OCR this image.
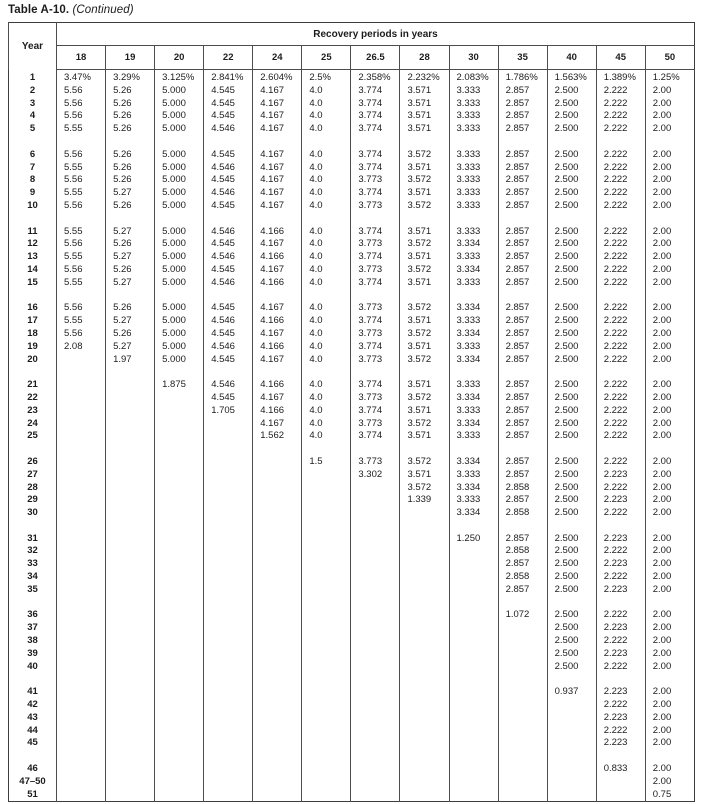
Table A-10. (Continued)
Year	Recovery periods in years												
	18	19	20	22	24	25	26.5	28	30	35	40	45	50
1	3.47%	3.29%	3.125%	2.841%	2.604%	2.5%	2.358%	2.232%	2.083%	1.786%	1.563%	1.389%	1.25%
2	5.56	5.26	5.000	4.545	4.167	4.0	3.774	3.571	3.333	2.857	2.500	2.222	2.00
3	5.56	5.26	5.000	4.545	4.167	4.0	3.774	3.571	3.333	2.857	2.500	2.222	2.00
4	5.56	5.26	5.000	4.545	4.167	4.0	3.774	3.571	3.333	2.857	2.500	2.222	2.00
5	5.55	5.26	5.000	4.546	4.167	4.0	3.774	3.571	3.333	2.857	2.500	2.222	2.00

6	5.56	5.26	5.000	4.545	4.167	4.0	3.774	3.572	3.333	2.857	2.500	2.222	2.00
7	5.55	5.26	5.000	4.546	4.167	4.0	3.774	3.571	3.333	2.857	2.500	2.222	2.00
8	5.56	5.26	5.000	4.545	4.167	4.0	3.773	3.572	3.333	2.857	2.500	2.222	2.00
9	5.55	5.27	5.000	4.546	4.167	4.0	3.774	3.571	3.333	2.857	2.500	2.222	2.00
10	5.56	5.26	5.000	4.545	4.167	4.0	3.773	3.572	3.333	2.857	2.500	2.222	2.00

11	5.55	5.27	5.000	4.546	4.166	4.0	3.774	3.571	3.333	2.857	2.500	2.222	2.00
12	5.56	5.26	5.000	4.545	4.167	4.0	3.773	3.572	3.334	2.857	2.500	2.222	2.00
13	5.55	5.27	5.000	4.546	4.166	4.0	3.774	3.571	3.333	2.857	2.500	2.222	2.00
14	5.56	5.26	5.000	4.545	4.167	4.0	3.773	3.572	3.334	2.857	2.500	2.222	2.00
15	5.55	5.27	5.000	4.546	4.166	4.0	3.774	3.571	3.333	2.857	2.500	2.222	2.00

16	5.56	5.26	5.000	4.545	4.167	4.0	3.773	3.572	3.334	2.857	2.500	2.222	2.00
17	5.55	5.27	5.000	4.546	4.166	4.0	3.774	3.571	3.333	2.857	2.500	2.222	2.00
18	5.56	5.26	5.000	4.545	4.167	4.0	3.773	3.572	3.334	2.857	2.500	2.222	2.00
19	2.08	5.27	5.000	4.546	4.166	4.0	3.774	3.571	3.333	2.857	2.500	2.222	2.00
20		1.97	5.000	4.545	4.167	4.0	3.773	3.572	3.334	2.857	2.500	2.222	2.00

21			1.875	4.546	4.166	4.0	3.774	3.571	3.333	2.857	2.500	2.222	2.00
22				4.545	4.167	4.0	3.773	3.572	3.334	2.857	2.500	2.222	2.00
23				1.705	4.166	4.0	3.774	3.571	3.333	2.857	2.500	2.222	2.00
24					4.167	4.0	3.773	3.572	3.334	2.857	2.500	2.222	2.00
25					1.562	4.0	3.774	3.571	3.333	2.857	2.500	2.222	2.00

26						1.5	3.773	3.572	3.334	2.857	2.500	2.222	2.00
27							3.302	3.571	3.333	2.857	2.500	2.223	2.00
28								3.572	3.334	2.858	2.500	2.222	2.00
29								1.339	3.333	2.857	2.500	2.223	2.00
30									3.334	2.858	2.500	2.222	2.00

31									1.250	2.857	2.500	2.223	2.00
32										2.858	2.500	2.222	2.00
33										2.857	2.500	2.223	2.00
34										2.858	2.500	2.222	2.00
35										2.857	2.500	2.223	2.00

36										1.072	2.500	2.222	2.00
37											2.500	2.223	2.00
38											2.500	2.222	2.00
39											2.500	2.223	2.00
40											2.500	2.222	2.00

41											0.937	2.223	2.00
42												2.222	2.00
43												2.223	2.00
44												2.222	2.00
45												2.223	2.00

46												0.833	2.00
47–50													2.00
51													0.75
